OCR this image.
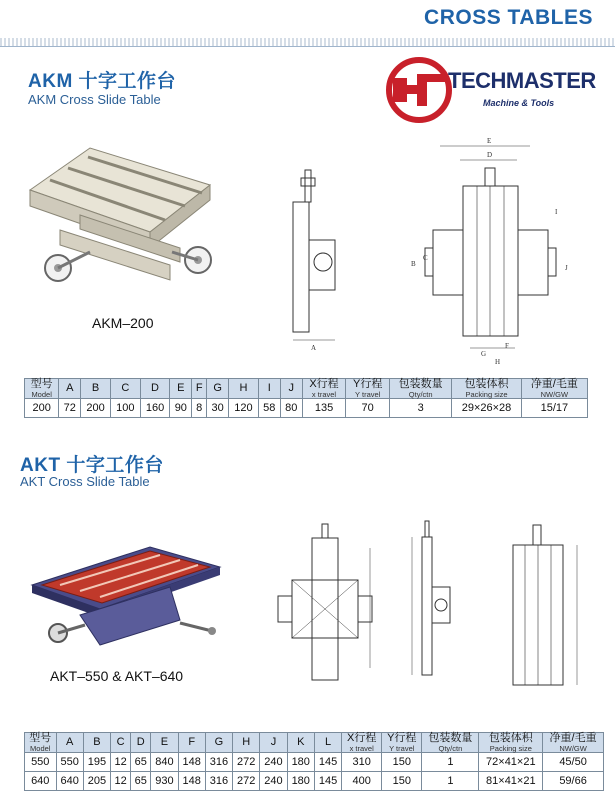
CROSS TABLES
AKM 十字工作台
AKM Cross Slide Table
TECHMASTER
Machine & Tools
AKM–200
A
E
D
I
C
B	J
G
H
F
型号
Model	A	B	C	D	E	F	G	H	I	J	X行程
x travel	Y行程
Y travel	包装数量
Qty/ctn	包装体积
Packing size	净重/毛重
NW/GW

200	72	200	100	160	90	8	30	120	58	80	135	70	3	29×26×28	15/17
AKT 十字工作台
AKT Cross Slide Table
AKT–550 & AKT–640
型号
Model	A	B	C	D	E	F	G	H	J	K	L	X行程
x travel	Y行程
Y travel	包装数量
Qty/ctn	包装体积
Packing size	净重/毛重
NW/GW

550	550	195	12	65	840	148	316	272	240	180	145	310	150	1	72×41×21	45/50
640	640	205	12	65	930	148	316	272	240	180	145	400	150	1	81×41×21	59/66
